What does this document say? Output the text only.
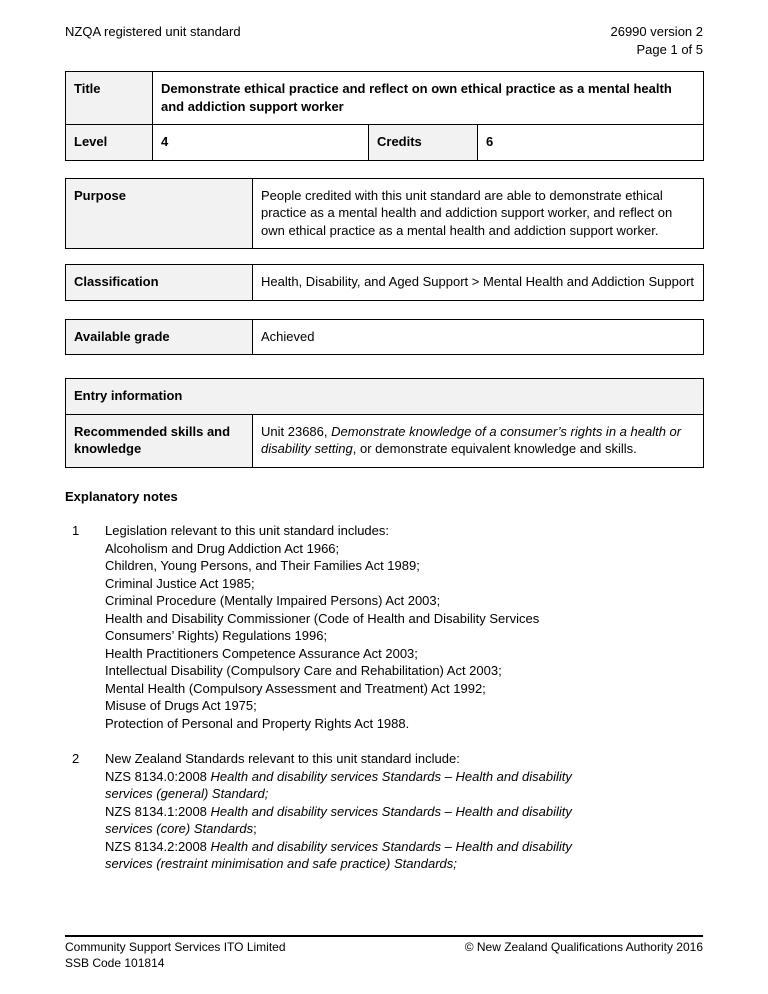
NZQA registered unit standard	26990 version 2
Page 1 of 5
Title	Demonstrate ethical practice and reflect on own ethical practice as a mental health and addiction support worker		
Level	4	Credits	6
Purpose	People credited with this unit standard are able to demonstrate ethical practice as a mental health and addiction support worker, and reflect on own ethical practice as a mental health and addiction support worker.
Classification	Health, Disability, and Aged Support > Mental Health and Addiction Support
Available grade	Achieved
Entry information
Recommended skills and knowledge	Unit 23686, Demonstrate knowledge of a consumer’s rights in a health or disability setting, or demonstrate equivalent knowledge and skills.
Explanatory notes
1	Legislation relevant to this unit standard includes:
Alcoholism and Drug Addiction Act 1966;
Children, Young Persons, and Their Families Act 1989;
Criminal Justice Act 1985;
Criminal Procedure (Mentally Impaired Persons) Act 2003;
Health and Disability Commissioner (Code of Health and Disability Services
Consumers’ Rights) Regulations 1996;
Health Practitioners Competence Assurance Act 2003;
Intellectual Disability (Compulsory Care and Rehabilitation) Act 2003;
Mental Health (Compulsory Assessment and Treatment) Act 1992;
Misuse of Drugs Act 1975;
Protection of Personal and Property Rights Act 1988.
2	New Zealand Standards relevant to this unit standard include:
NZS 8134.0:2008 Health and disability services Standards – Health and disability
services (general) Standard;
NZS 8134.1:2008 Health and disability services Standards – Health and disability
services (core) Standards;
NZS 8134.2:2008 Health and disability services Standards – Health and disability
services (restraint minimisation and safe practice) Standards;
Community Support Services ITO Limited
SSB Code 101814
© New Zealand Qualifications Authority 2016
